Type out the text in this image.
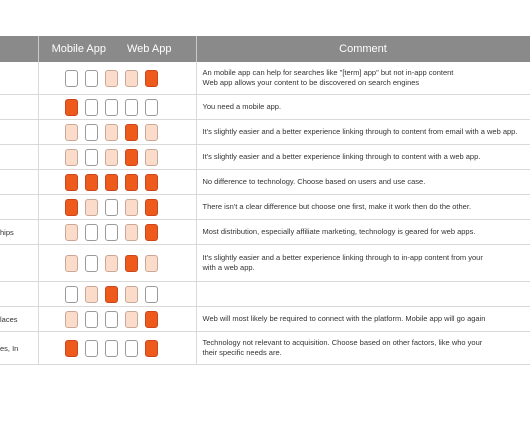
	Mobile App	Web App	Comment

			An mobile app can help for searches like "[term] app" but not in-app content
Web app allows your content to be discovered on search engines

			You need a mobile app.

			It's slightly easier and a better experience linking through to content from email with a web app.

			It's slightly easier and a better experience linking through to content with a web app.

			No difference to technology. Choose based on users and use case.

			There isn't a clear difference but choose one first, make it work then do the other.

hips			Most distribution, especially affiliate marketing, technology is geared for web apps.

			It's slightly easier and a better experience linking through to in-app content from your
with a web app.

laces			Web will most likely be required to connect with the platform. Mobile app will go again

es, In			Technology not relevant to acquisition. Choose based on other factors, like who your
their specific needs are.
